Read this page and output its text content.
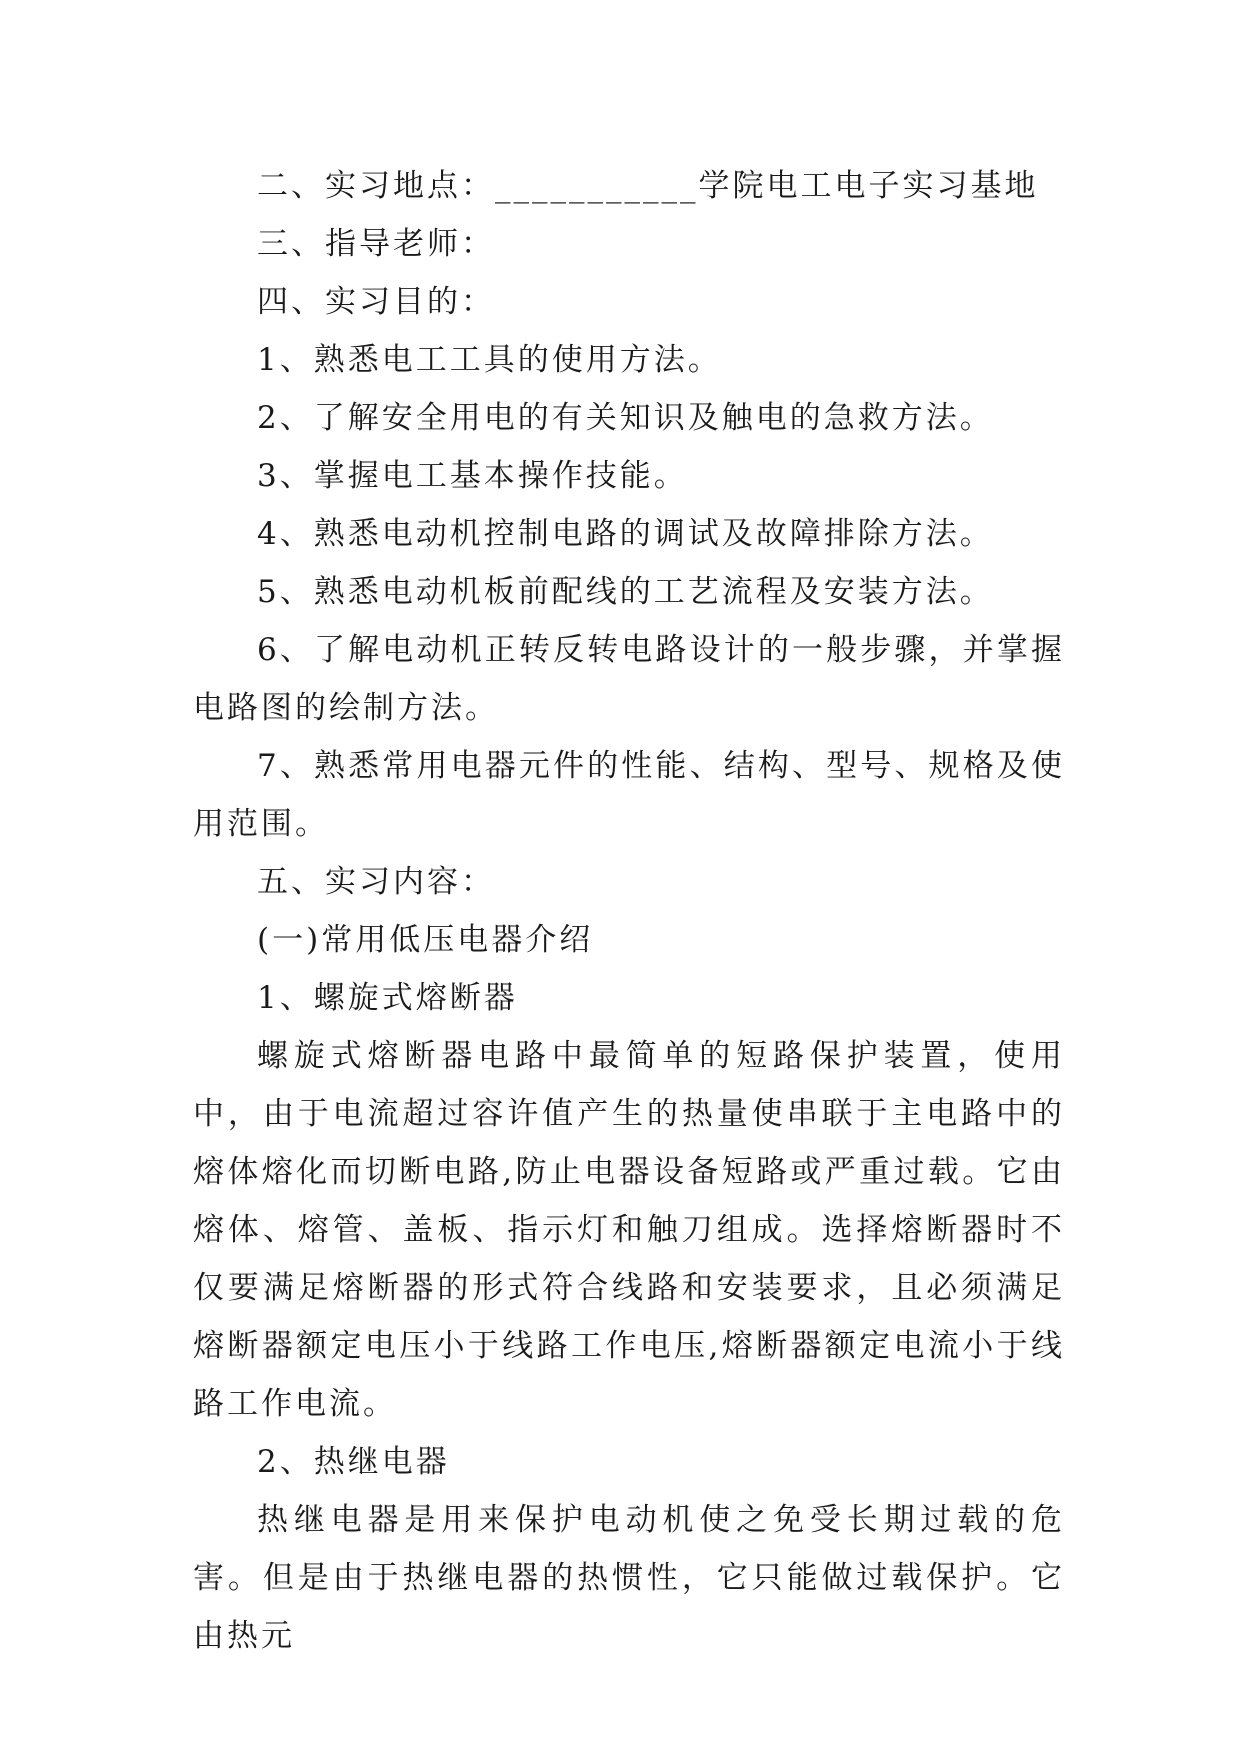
二、实习地点：___________学院电工电子实习基地

三、指导老师：

四、实习目的：

1、熟悉电工工具的使用方法。

2、了解安全用电的有关知识及触电的急救方法。

3、掌握电工基本操作技能。

4、熟悉电动机控制电路的调试及故障排除方法。

5、熟悉电动机板前配线的工艺流程及安装方法。

6、了解电动机正转反转电路设计的一般步骤，并掌握电路图的绘制方法。

7、熟悉常用电器元件的性能、结构、型号、规格及使用范围。

五、实习内容：

(一)常用低压电器介绍

1、螺旋式熔断器

螺旋式熔断器电路中最简单的短路保护装置，使用中，由于电流超过容许值产生的热量使串联于主电路中的熔体熔化而切断电路,防止电器设备短路或严重过载。它由熔体、熔管、盖板、指示灯和触刀组成。选择熔断器时不仅要满足熔断器的形式符合线路和安装要求，且必须满足熔断器额定电压小于线路工作电压,熔断器额定电流小于线路工作电流。

2、热继电器

热继电器是用来保护电动机使之免受长期过载的危害。但是由于热继电器的热惯性，它只能做过载保护。它由热元
